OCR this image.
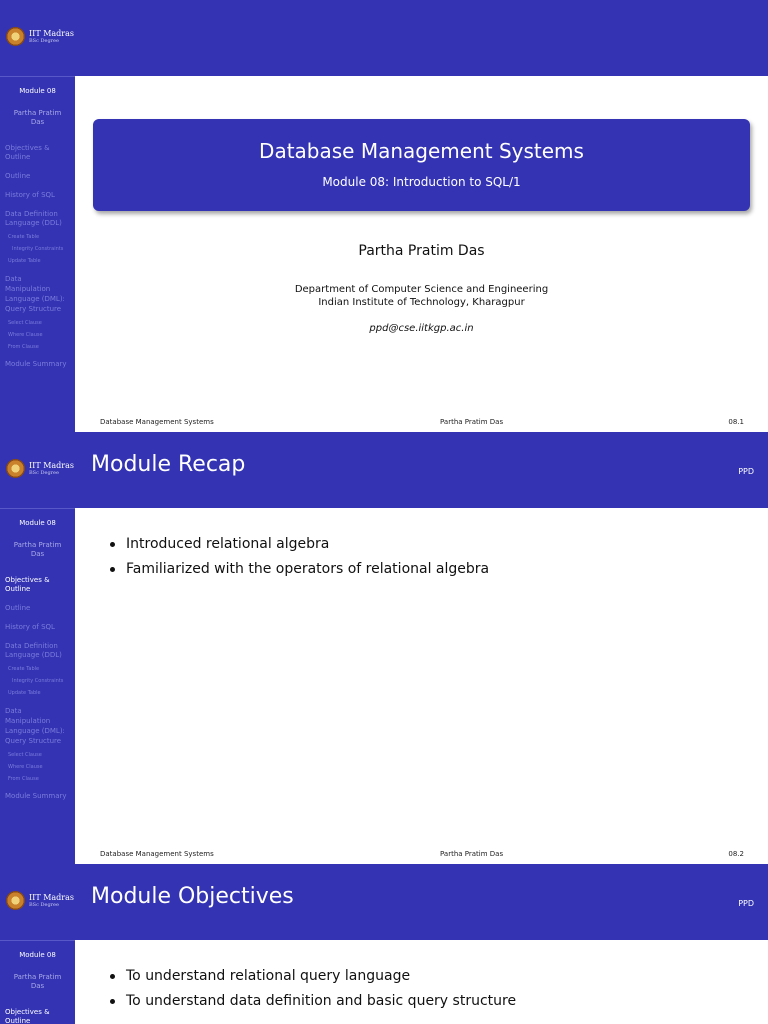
IIT Madras
BSc Degree
Module 08
Partha Pratim
Das
Objectives &
Outline
Outline
History of SQL
Data Definition
Language (DDL)
Create Table
Integrity Constraints
Update Table
Data
Manipulation
Language (DML):
Query Structure
Select Clause
Where Clause
From Clause
Module Summary
Database Management Systems
Module 08: Introduction to SQL/1
Partha Pratim Das
Department of Computer Science and Engineering
Indian Institute of Technology, Kharagpur
ppd@cse.iitkgp.ac.in
Database Management Systems	Partha Pratim Das	08.1
IIT Madras
BSc Degree
Module 08
Partha Pratim
Das
Objectives &
Outline
Outline
History of SQL
Data Definition
Language (DDL)
Create Table
Integrity Constraints
Update Table
Data
Manipulation
Language (DML):
Query Structure
Select Clause
Where Clause
From Clause
Module Summary
Module Recap	PPD
Introduced relational algebra
Familiarized with the operators of relational algebra
Database Management Systems	Partha Pratim Das	08.2
IIT Madras
BSc Degree
Module 08
Partha Pratim
Das
Objectives &
Outline
Module Objectives	PPD
To understand relational query language
To understand data definition and basic query structure
